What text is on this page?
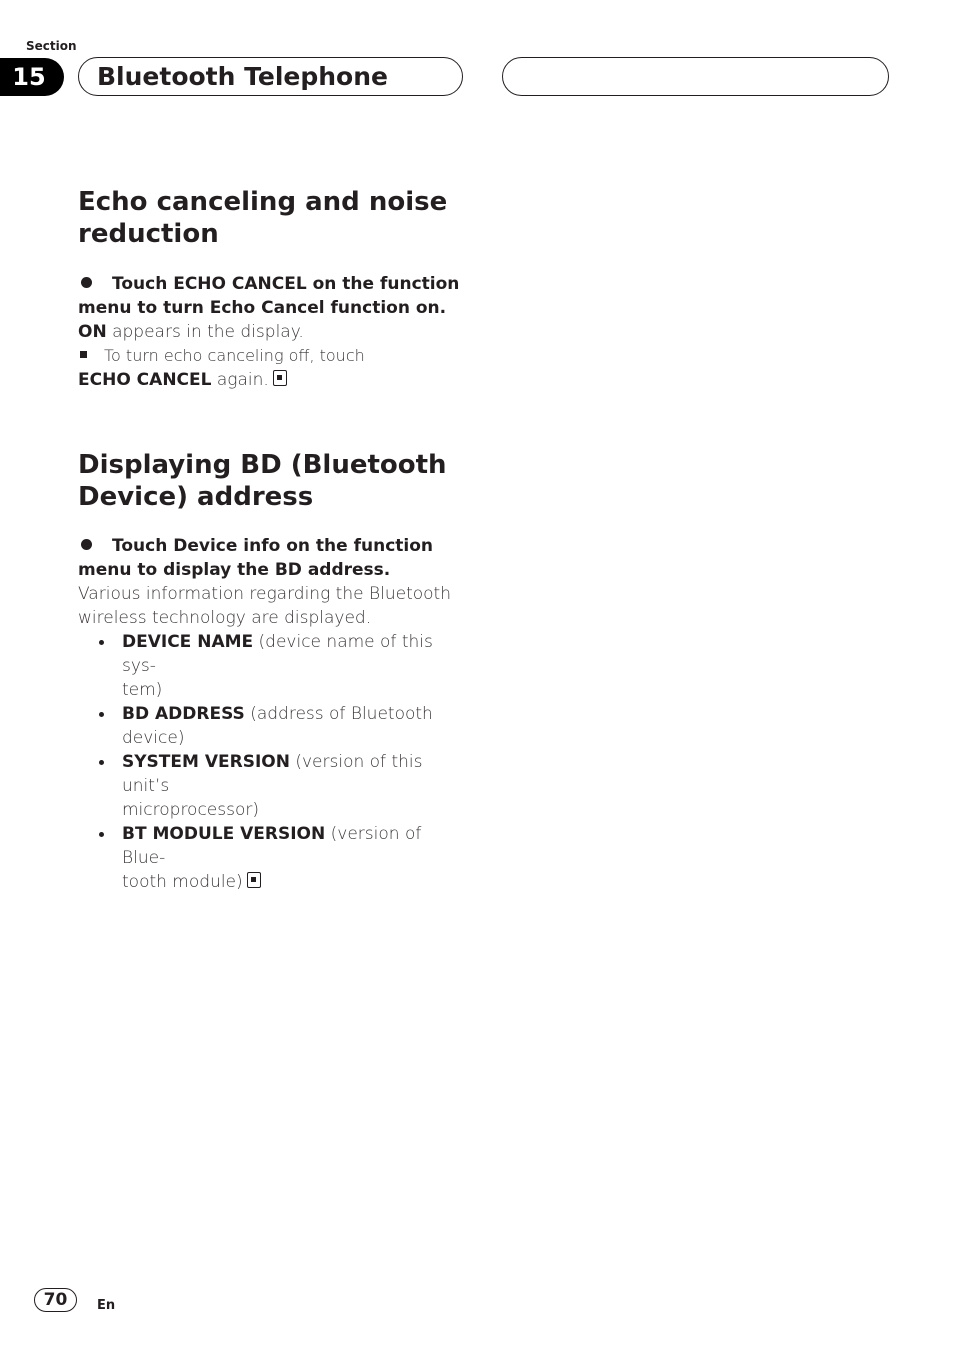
Section
15	Bluetooth Telephone
Echo canceling and noise
reduction
Touch ECHO CANCEL on the function
menu to turn Echo Cancel function on.
ON appears in the display.
To turn echo canceling off, touch
ECHO CANCEL again.
Displaying BD (Bluetooth
Device) address
Touch Device info on the function
menu to display the BD address.
Various information regarding the Bluetooth
wireless technology are displayed.
DEVICE NAME (device name of this sys-
tem)
BD ADDRESS (address of Bluetooth device)
SYSTEM VERSION (version of this unit’s
microprocessor)
BT MODULE VERSION (version of Blue-
tooth module)
70	En
